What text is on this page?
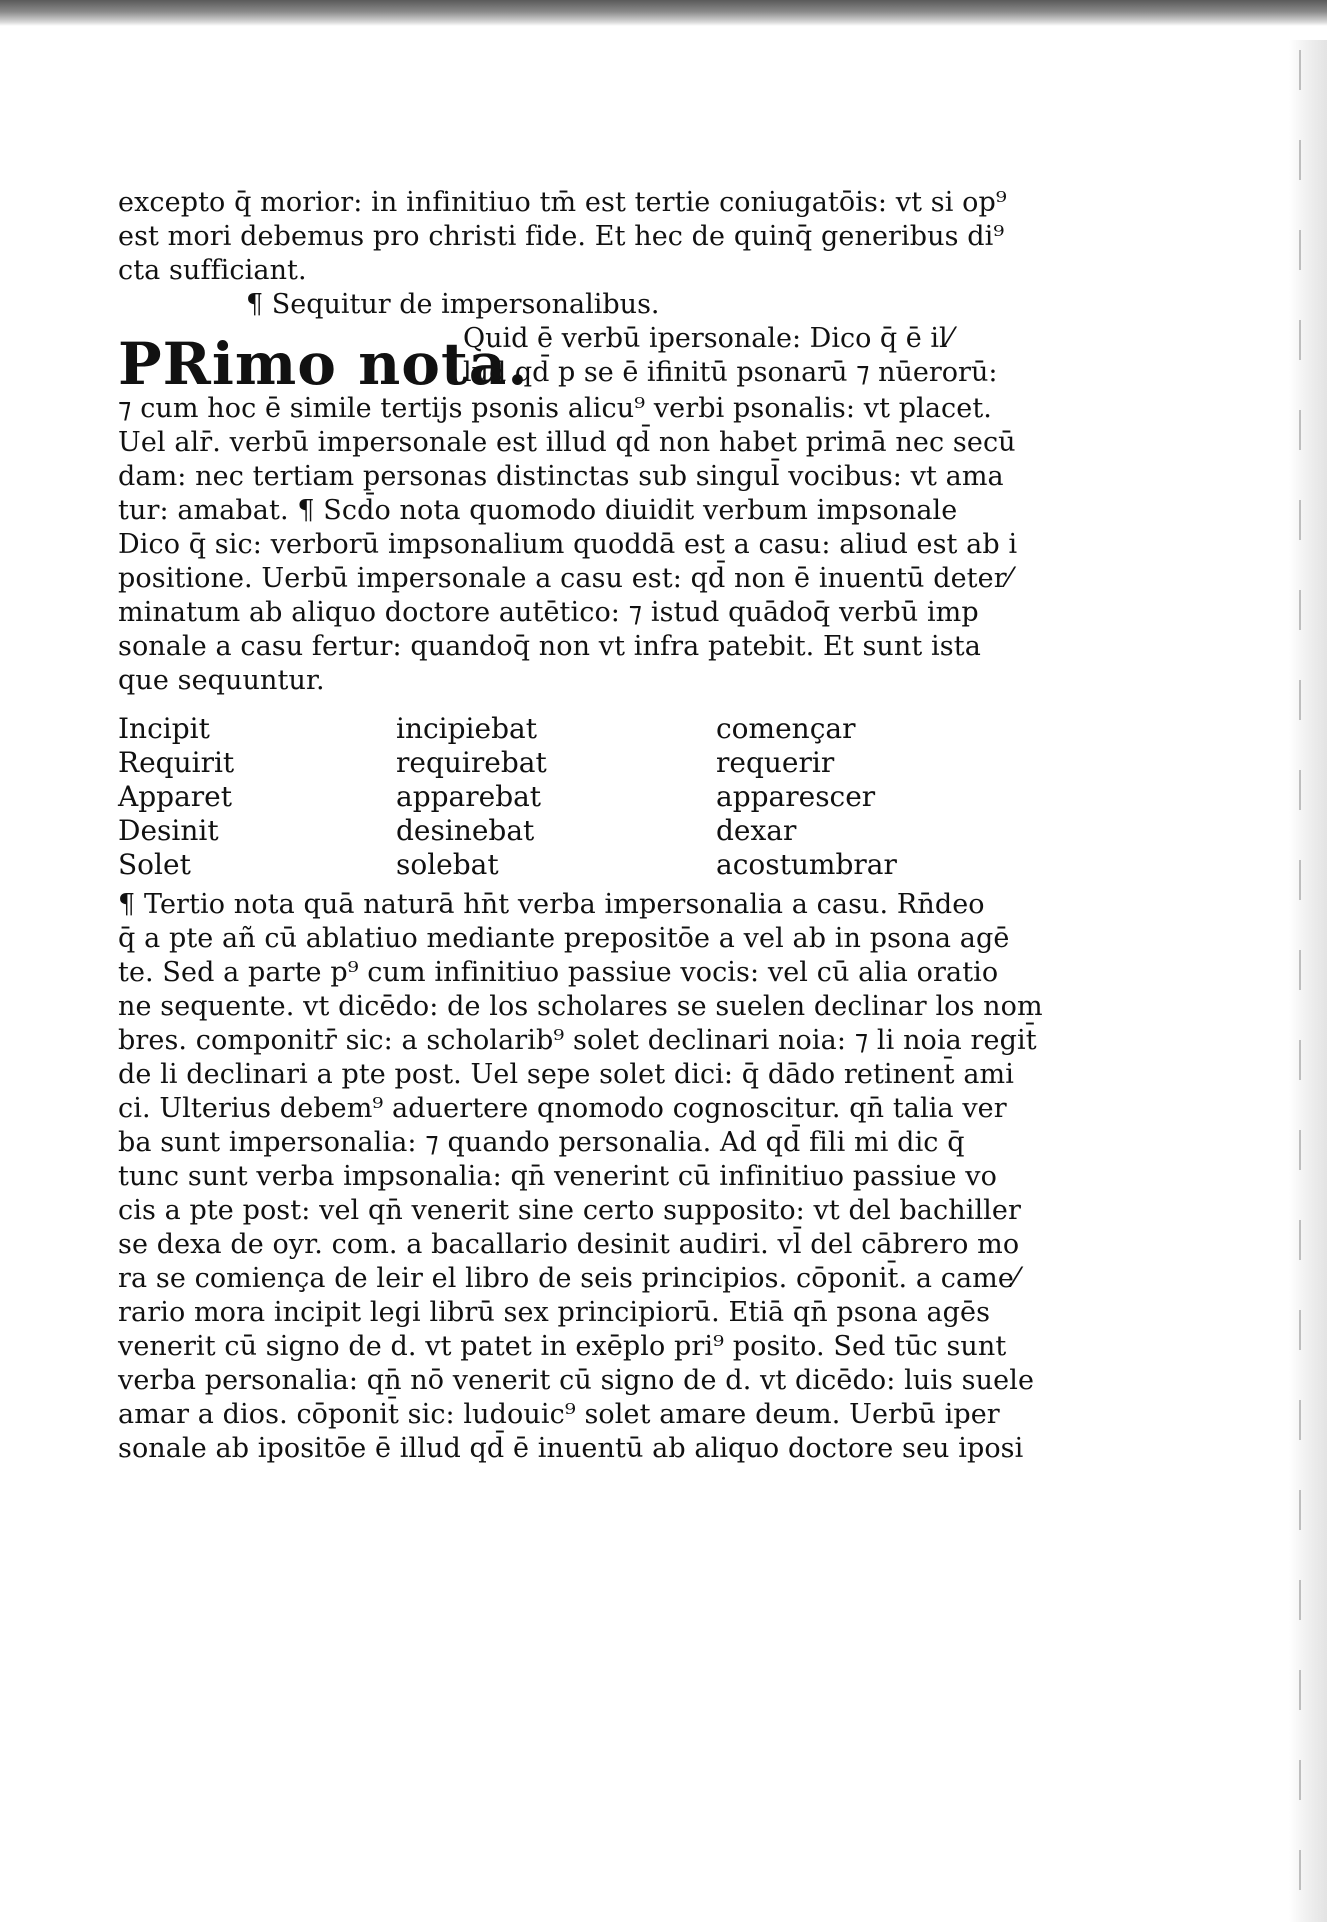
excepto q̄ morior: in infinitiuo tm̄ est tertie coniugatōis: vt si op⁹
est mori debemus pro christi fide. Et hec de quinq̄ generibus di⁹
cta sufficiant.
¶ Sequitur de impersonalibus.
PRimo nota.
Quid ē verbū ipersonale: Dico q̄ ē il⁄
lud qd̄ p se ē ifinitū psonarū ⁊ nūerorū:
⁊ cum hoc ē simile tertijs psonis alicu⁹ verbi psonalis: vt placet.
Uel alr̄. verbū impersonale est illud qd̄ non habet primā nec secū
dam: nec tertiam personas distinctas sub singul̄ vocibus: vt ama
tur: amabat. ¶ Scd̄o nota quomodo diuidit verbum impsonale
Dico q̄ sic: verborū impsonalium quoddā est a casu: aliud est ab i
positione. Uerbū impersonale a casu est: qd̄ non ē inuentū deter⁄
minatum ab aliquo doctore autētico: ⁊ istud quādoq̄ verbū imp
sonale a casu fertur: quandoq̄ non vt infra patebit. Et sunt ista
que sequuntur.
Incipit	incipiebat	començar
Requirit	requirebat	requerir
Apparet	apparebat	apparescer
Desinit	desinebat	dexar
Solet	solebat	acostumbrar
¶ Tertio nota quā naturā hn̄t verba impersonalia a casu. Rn̄deo
q̄ a pte añ cū ablatiuo mediante prepositōe a vel ab in psona agē
te. Sed a parte p⁹ cum infinitiuo passiue vocis: vel cū alia oratio
ne sequente. vt dicēdo: de los scholares se suelen declinar los nom
bres. componitr̄ sic: a scholarib⁹ solet declinari noia: ⁊ li noia regit̄
de li declinari a pte post. Uel sepe solet dici: q̄ dādo retinent̄ ami
ci. Ulterius debem⁹ aduertere qnomodo cognoscitur. qn̄ talia ver
ba sunt impersonalia: ⁊ quando personalia. Ad qd̄ fili mi dic q̄
tunc sunt verba impsonalia: qn̄ venerint cū infinitiuo passiue vo
cis a pte post: vel qn̄ venerit sine certo supposito: vt del bachiller
se dexa de oyr. com. a bacallario desinit audiri. vl̄ del cābrero mo
ra se comiença de leir el libro de seis principios. cōponit̄. a came⁄
rario mora incipit legi librū sex principiorū. Etiā qn̄ psona agēs
venerit cū signo de d. vt patet in exēplo pri⁹ posito. Sed tūc sunt
verba personalia: qn̄ nō venerit cū signo de d. vt dicēdo: luis suele
amar a dios. cōponit̄ sic: ludouic⁹ solet amare deum. Uerbū iper
sonale ab ipositōe ē illud qd̄ ē inuentū ab aliquo doctore seu iposi
